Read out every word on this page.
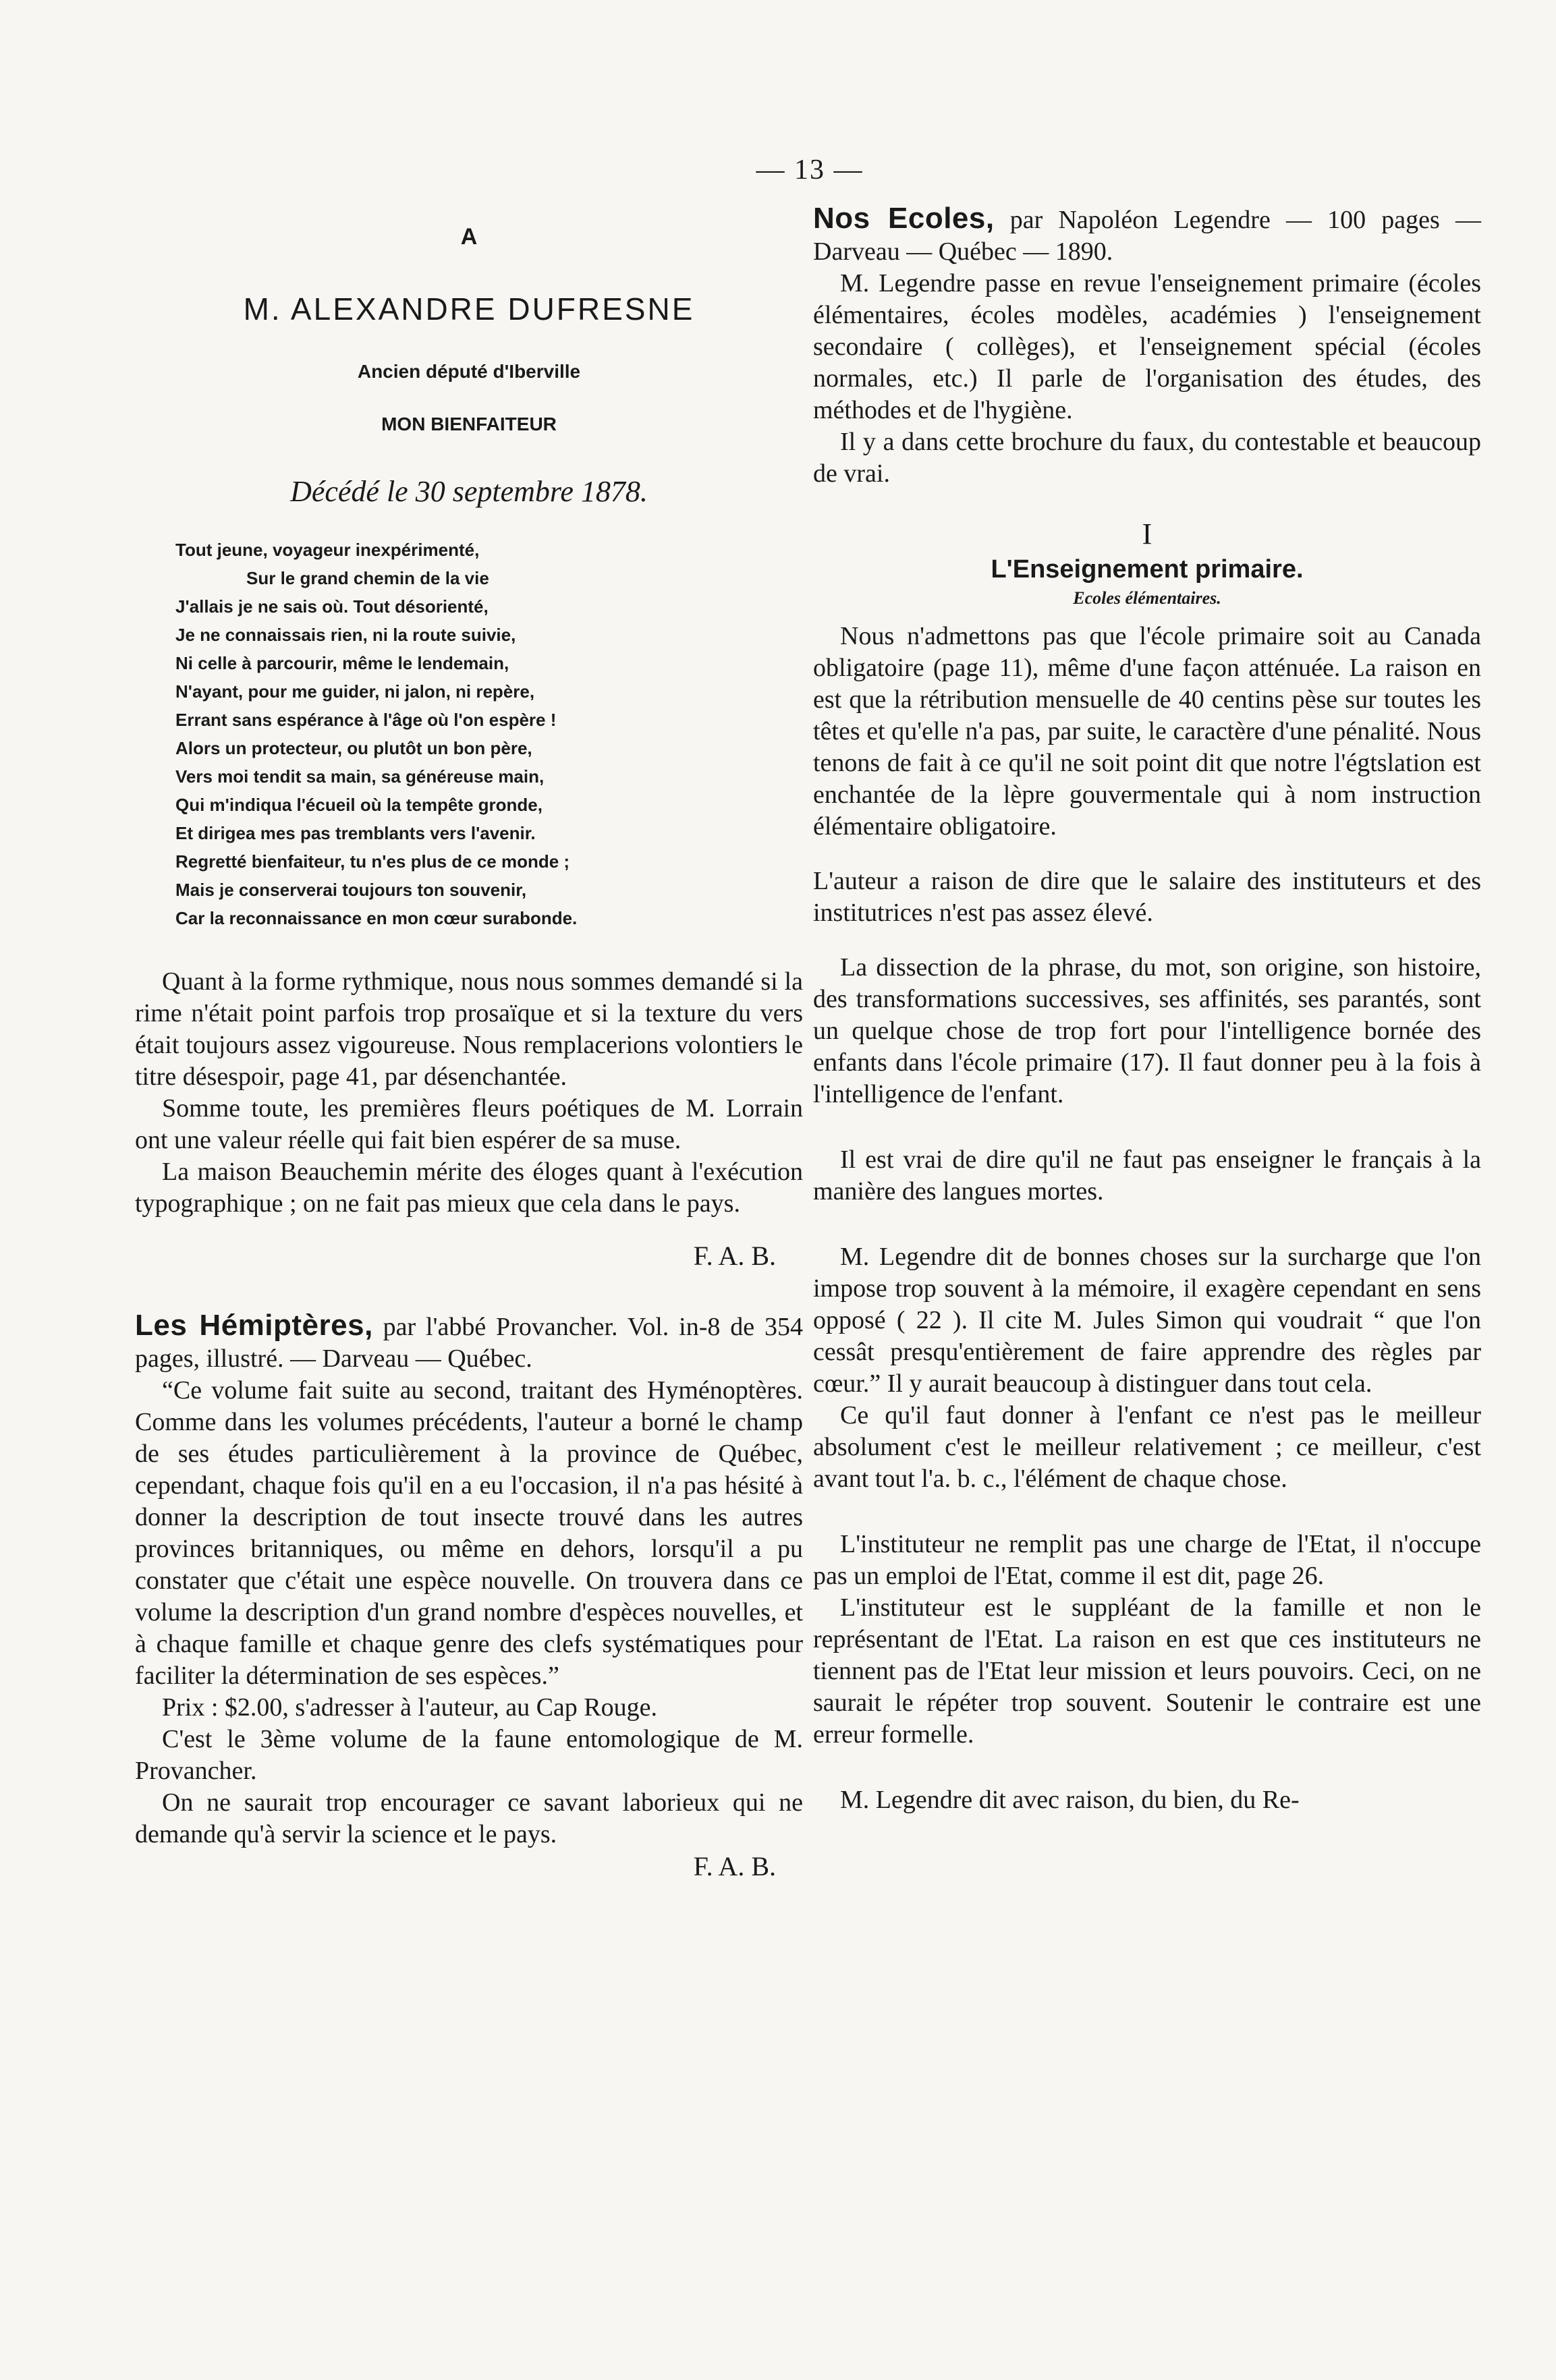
— 13 —
A
M. ALEXANDRE DUFRESNE
Ancien député d'Iberville
MON BIENFAITEUR
Décédé le 30 septembre 1878.
Tout jeune, voyageur inexpérimenté,
Sur le grand chemin de la vie
J'allais je ne sais où. Tout désorienté,
Je ne connaissais rien, ni la route suivie,
Ni celle à parcourir, même le lendemain,
N'ayant, pour me guider, ni jalon, ni repère,
Errant sans espérance à l'âge où l'on espère !
Alors un protecteur, ou plutôt un bon père,
Vers moi tendit sa main, sa généreuse main,
Qui m'indiqua l'écueil où la tempête gronde,
Et dirigea mes pas tremblants vers l'avenir.
Regretté bienfaiteur, tu n'es plus de ce monde ;
Mais je conserverai toujours ton souvenir,
Car la reconnaissance en mon cœur surabonde.

Quant à la forme rythmique, nous nous sommes demandé si la rime n'était point parfois trop prosaïque et si la texture du vers était toujours assez vigoureuse. Nous remplacerions volontiers le titre désespoir, page 41, par désenchantée.

Somme toute, les premières fleurs poétiques de M. Lorrain ont une valeur réelle qui fait bien espérer de sa muse.

La maison Beauchemin mérite des éloges quant à l'exécution typographique ; on ne fait pas mieux que cela dans le pays.

F. A. B.

Les Hémiptères, par l'abbé Provancher. Vol. in-8 de 354 pages, illustré. — Darveau — Québec.

“Ce volume fait suite au second, traitant des Hyménoptères. Comme dans les volumes précédents, l'auteur a borné le champ de ses études particulièrement à la province de Québec, cependant, chaque fois qu'il en a eu l'occasion, il n'a pas hésité à donner la description de tout insecte trouvé dans les autres provinces britanniques, ou même en dehors, lorsqu'il a pu constater que c'était une espèce nouvelle. On trouvera dans ce volume la description d'un grand nombre d'espèces nouvelles, et à chaque famille et chaque genre des clefs systématiques pour faciliter la détermination de ses espèces.”

Prix : $2.00, s'adresser à l'auteur, au Cap Rouge.

C'est le 3ème volume de la faune entomologique de M. Provancher.

On ne saurait trop encourager ce savant laborieux qui ne demande qu'à servir la science et le pays.

F. A. B.

Nos Ecoles, par Napoléon Legendre — 100 pages — Darveau — Québec — 1890.

M. Legendre passe en revue l'enseignement primaire (écoles élémentaires, écoles modèles, académies ) l'enseignement secondaire ( collèges), et l'enseignement spécial (écoles normales, etc.) Il parle de l'organisation des études, des méthodes et de l'hygiène.

Il y a dans cette brochure du faux, du contestable et beaucoup de vrai.

I
L'Enseignement primaire.
Ecoles élémentaires.

Nous n'admettons pas que l'école primaire soit au Canada obligatoire (page 11), même d'une façon atténuée. La raison en est que la rétribution mensuelle de 40 centins pèse sur toutes les têtes et qu'elle n'a pas, par suite, le caractère d'une pénalité. Nous tenons de fait à ce qu'il ne soit point dit que notre l'égtslation est enchantée de la lèpre gouvermentale qui à nom instruction élémentaire obligatoire.

L'auteur a raison de dire que le salaire des instituteurs et des institutrices n'est pas assez élevé.

La dissection de la phrase, du mot, son origine, son histoire, des transformations successives, ses affinités, ses parantés, sont un quelque chose de trop fort pour l'intelligence bornée des enfants dans l'école primaire (17). Il faut donner peu à la fois à l'intelligence de l'enfant.

Il est vrai de dire qu'il ne faut pas enseigner le français à la manière des langues mortes.

M. Legendre dit de bonnes choses sur la surcharge que l'on impose trop souvent à la mémoire, il exagère cependant en sens opposé ( 22 ). Il cite M. Jules Simon qui voudrait “ que l'on cessât presqu'entièrement de faire apprendre des règles par cœur.” Il y aurait beaucoup à distinguer dans tout cela.

Ce qu'il faut donner à l'enfant ce n'est pas le meilleur absolument c'est le meilleur relativement ; ce meilleur, c'est avant tout l'a. b. c., l'élément de chaque chose.

L'instituteur ne remplit pas une charge de l'Etat, il n'occupe pas un emploi de l'Etat, comme il est dit, page 26.

L'instituteur est le suppléant de la famille et non le représentant de l'Etat. La raison en est que ces instituteurs ne tiennent pas de l'Etat leur mission et leurs pouvoirs. Ceci, on ne saurait le répéter trop souvent. Soutenir le contraire est une erreur formelle.

M. Legendre dit avec raison, du bien, du Re-
